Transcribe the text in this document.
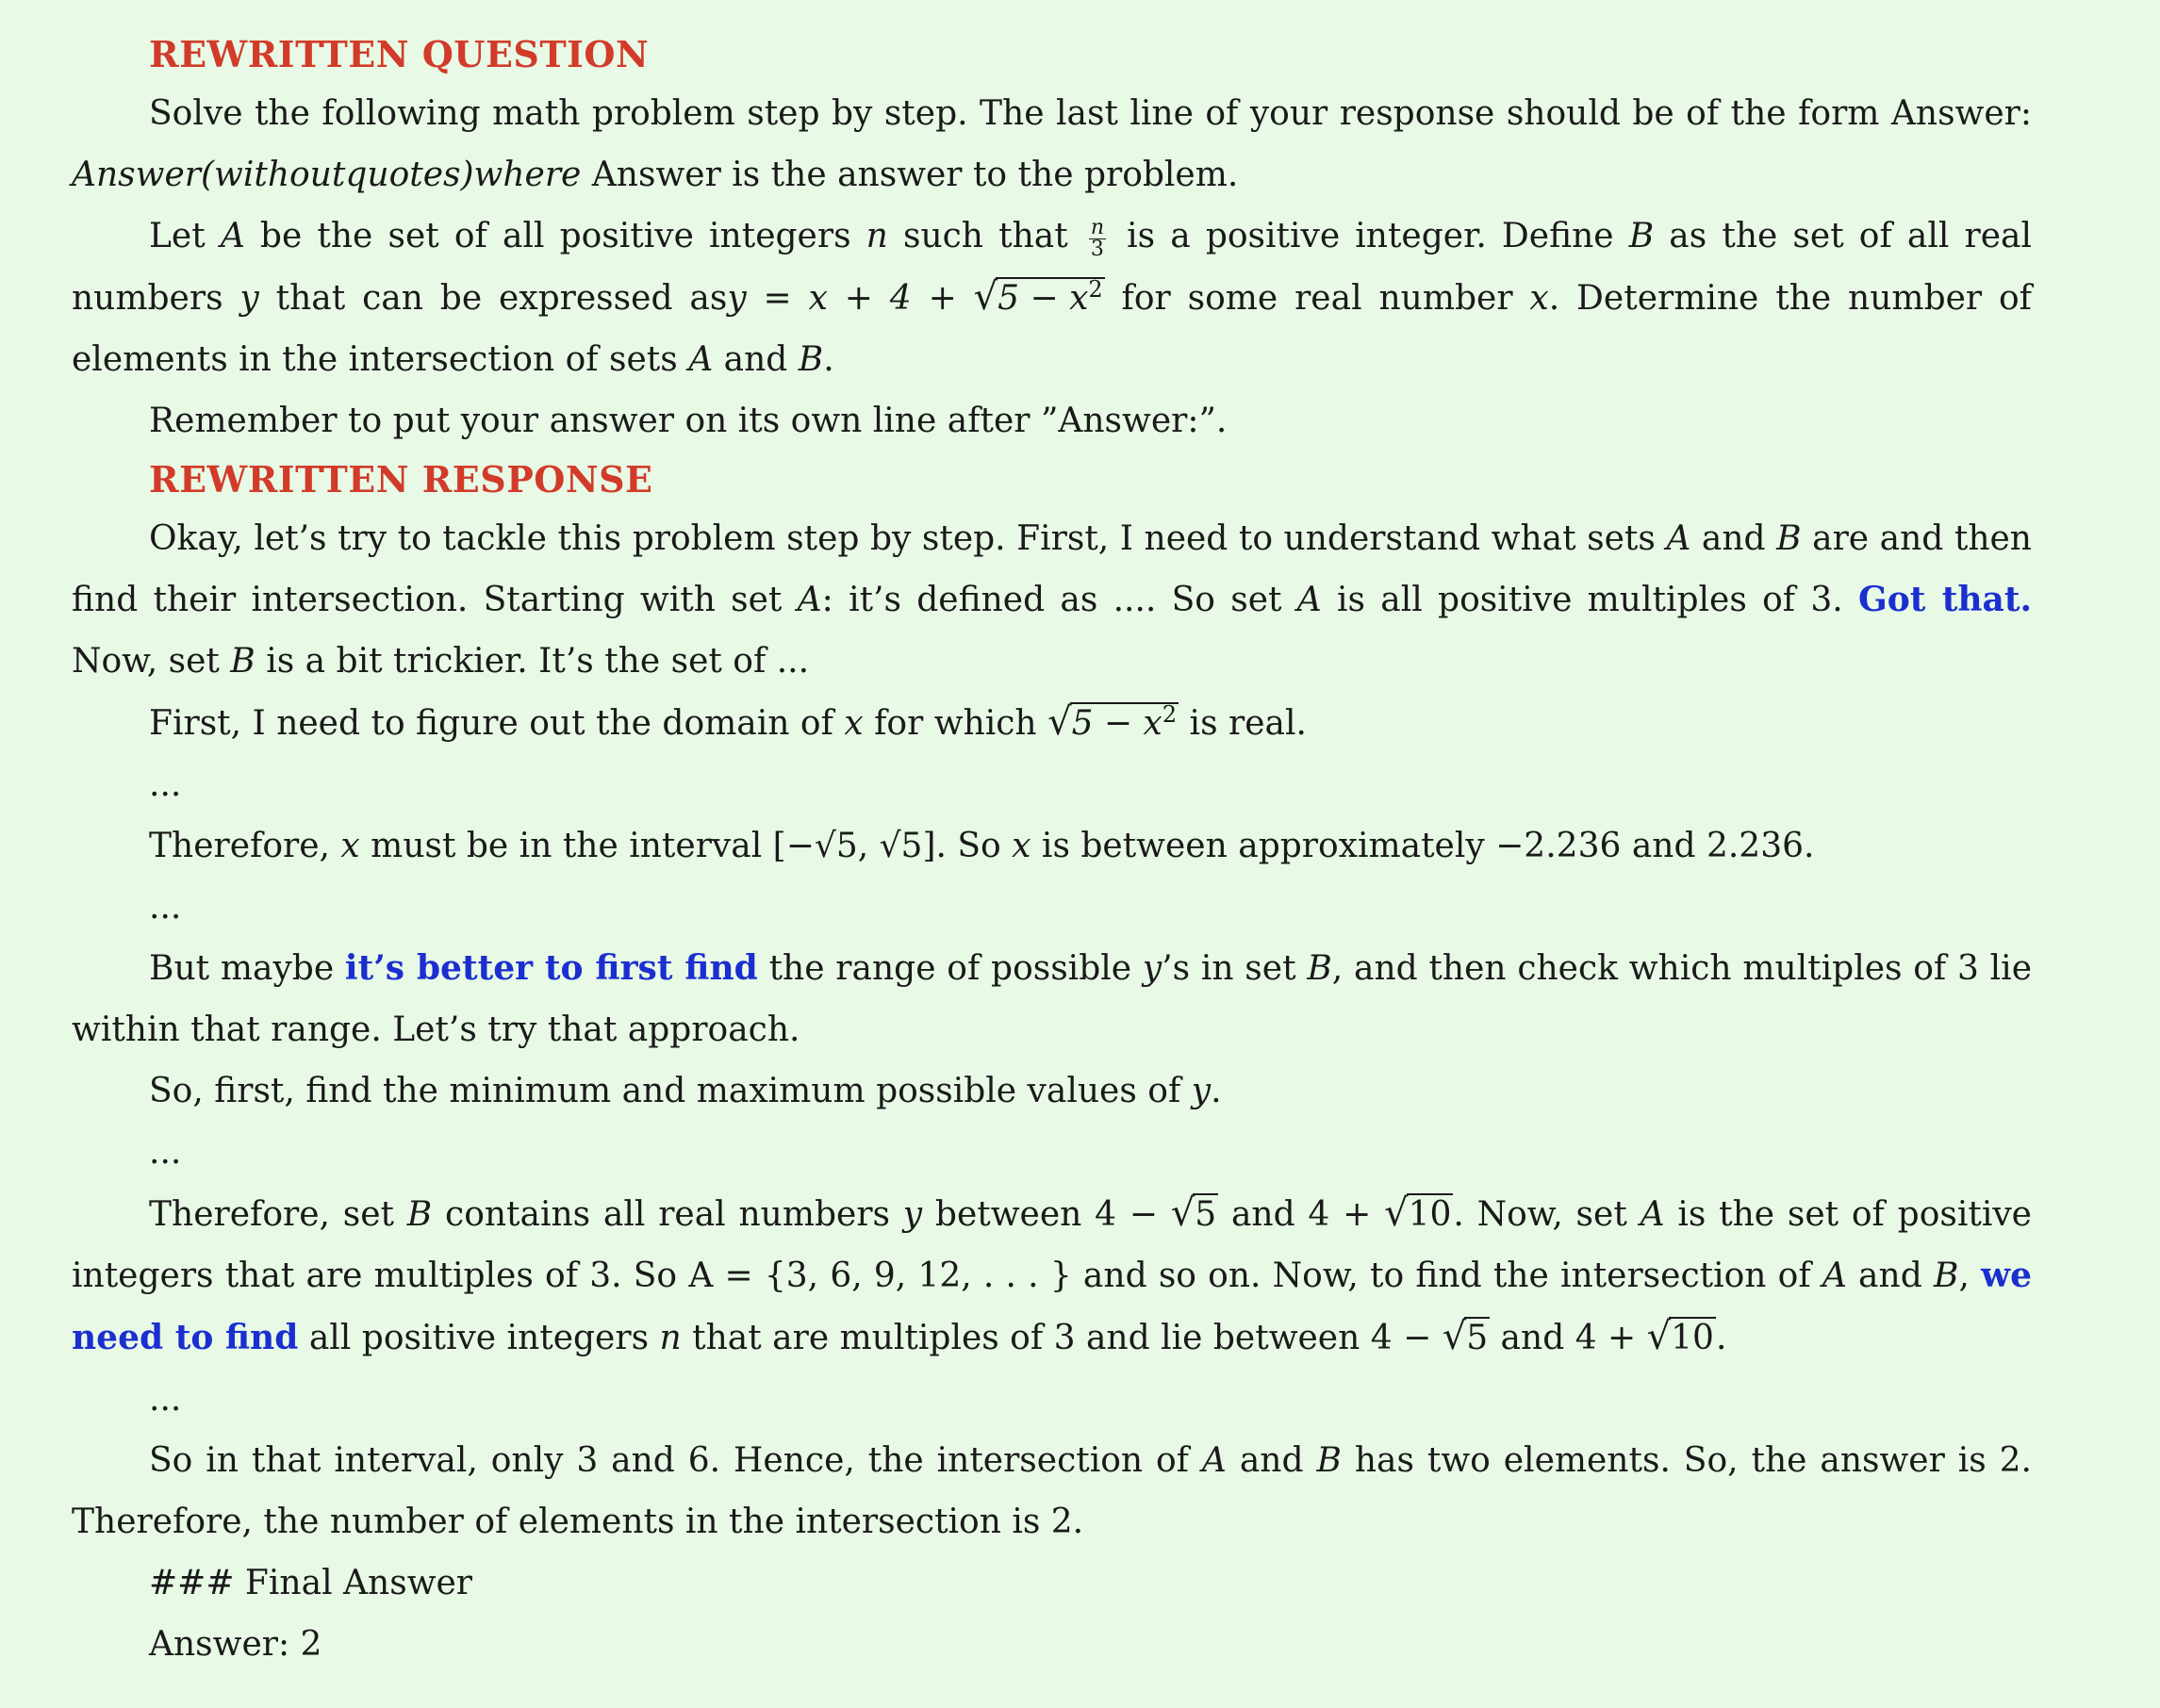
REWRITTEN QUESTION

Solve the following math problem step by step. The last line of your response should be of the form Answer: Answer(withoutquotes)where Answer is the answer to the problem.

Let A be the set of all positive integers n such that $\frac{n}{3}$ is a positive integer. Define B as the set of all real numbers y that can be expressed asy = $x + 4 + √5 - x^2$ for some real number x. Determine the number of elements in the intersection of sets A and B.

Remember to put your answer on its own line after ”Answer:”.

REWRITTEN RESPONSE

Okay, let’s try to tackle this problem step by step. First, I need to understand what sets A and B are and then find their intersection. Starting with set A: it’s defined as .... So set A is all positive multiples of 3. Got that. Now, set B is a bit trickier. It’s the set of ...

First, I need to figure out the domain of x for which $√5 - x^2$ is real.

...

Therefore, x must be in the interval [−√5, √5]. So x is between approximately −2.236 and 2.236.

...

But maybe it’s better to first find the range of possible y’s in set B, and then check which multiples of 3 lie within that range. Let’s try that approach.

So, first, find the minimum and maximum possible values of y.

...

Therefore, set B contains all real numbers y between 4 − √5 and 4 + √10. Now, set A is the set of positive integers that are multiples of 3. So A = {3, 6, 9, 12, . . . } and so on. Now, to find the intersection of A and B, we need to find all positive integers n that are multiples of 3 and lie between 4 − √5 and 4 + √10.

...

So in that interval, only 3 and 6. Hence, the intersection of A and B has two elements. So, the answer is 2. Therefore, the number of elements in the intersection is 2.

### Final Answer

Answer: 2
